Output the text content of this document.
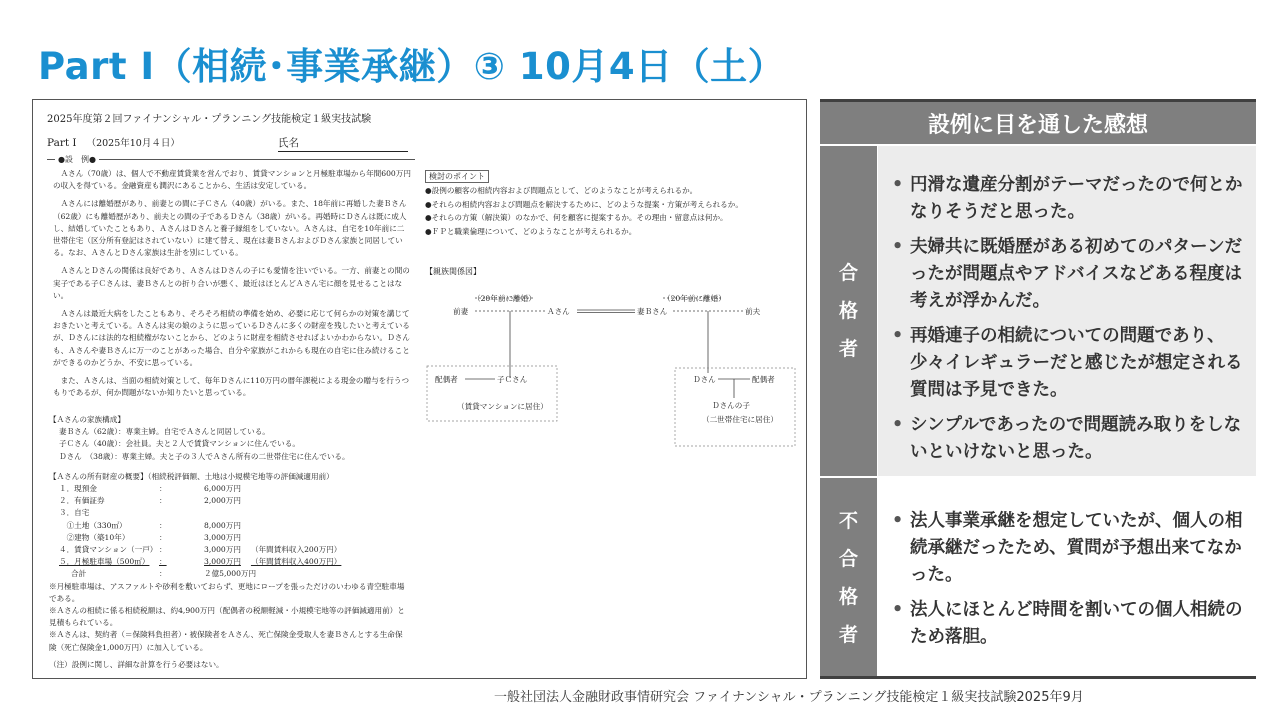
Part Ⅰ（相続･事業承継）③ 10月4日（土）
2025年度第２回ファイナンシャル・プランニング技能検定１級実技試験
Part Ⅰ （2025年10月４日）	氏名
●設　例●

Ａさん（70歳）は、個人で不動産賃貸業を営んでおり、賃貸マンションと月極駐車場から年間600万円の収入を得ている。金融資産も潤沢にあることから、生活は安定している。

Ａさんには離婚歴があり、前妻との間に子Ｃさん（40歳）がいる。また、18年前に再婚した妻Ｂさん（62歳）にも離婚歴があり、前夫との間の子であるＤさん（38歳）がいる。再婚時にＤさんは既に成人し、結婚していたこともあり、ＡさんはＤさんと養子縁組をしていない。Ａさんは、自宅を10年前に二世帯住宅（区分所有登記はされていない）に建て替え、現在は妻ＢさんおよびＤさん家族と同居している。なお、ＡさんとＤさん家族は生計を別にしている。

ＡさんとＤさんの関係は良好であり、ＡさんはＤさんの子にも愛情を注いでいる。一方、前妻との間の実子である子Ｃさんは、妻Ｂさんとの折り合いが悪く、最近はほとんどＡさん宅に顔を見せることはない。

Ａさんは最近大病をしたこともあり、そろそろ相続の準備を始め、必要に応じて何らかの対策を講じておきたいと考えている。Ａさんは実の娘のように思っているＤさんに多くの財産を残したいと考えているが、Ｄさんには法的な相続権がないことから、どのように財産を相続させればよいかわからない。Ｄさんも、Ａさんや妻Ｂさんに万一のことがあった場合、自分や家族がこれからも現在の自宅に住み続けることができるのかどうか、不安に思っている。

また、Ａさんは、当面の相続対策として、毎年Ｄさんに110万円の暦年課税による現金の贈与を行うつもりであるが、何か問題がないか知りたいと思っている。

【Ａさんの家族構成】
妻Ｂさん（62歳）：専業主婦。自宅でＡさんと同居している。
子Ｃさん（40歳）：会社員。夫と２人で賃貸マンションに住んでいる。
Ｄさん　（38歳）：専業主婦。夫と子の３人でＡさん所有の二世帯住宅に住んでいる。
【Ａさんの所有財産の概要】（相続税評価額、土地は小規模宅地等の評価減適用前）
１．現預金	：	6,000万円
２．有価証券	：	2,000万円
３．自宅
　①土地（330㎡）	：	8,000万円
　②建物（築10年）	：	3,000万円
４．賃貸マンション（一戸） ：	3,000万円	（年間賃料収入200万円）
５．月極駐車場（500㎡）	：	3,000万円	（年間賃料収入400万円）
合計	：	２億5,000万円
※月極駐車場は、アスファルトや砂利を敷いておらず、更地にロープを張っただけのいわゆる青空駐車場である。
※Ａさんの相続に係る相続税額は、約4,900万円（配偶者の税額軽減・小規模宅地等の評価減適用前）と見積もられている。
※Ａさんは、契約者（＝保険料負担者）・被保険者をＡさん、死亡保険金受取人を妻Ｂさんとする生命保険（死亡保険金1,000万円）に加入している。
（注）設例に関し、詳細な計算を行う必要はない。
検討のポイント
●設例の顧客の相続内容および問題点として、どのようなことが考えられるか。
●それらの相続内容および問題点を解決するために、どのような提案・方策が考えられるか。
●それらの方策（解決策）のなかで、何を顧客に提案するか。その理由・留意点は何か。
●ＦＰと職業倫理について、どのようなことが考えられるか。
【親族関係図】
（20年前に離婚）	（20年前に離婚）
前妻	Ａさん	妻Ｂさん	前夫
配偶者	子Ｃさん
（賃貸マンションに居住）
Ｄさん	配偶者
Ｄさんの子
（二世帯住宅に居住）
設例に目を通した感想
合
格
者
• 円滑な遺産分割がテーマだったので何とかなりそうだと思った。
• 夫婦共に既婚歴がある初めてのパターンだったが問題点やアドバイスなどある程度は考えが浮かんだ。
• 再婚連子の相続についての問題であり、少々イレギュラーだと感じたが想定される質問は予見できた。
• シンプルであったので問題読み取りをしないといけないと思った。
不
合
格
者
• 法人事業承継を想定していたが、個人の相続承継だったため、質問が予想出来てなかった。
• 法人にほとんど時間を割いての個人相続のため落胆。
一般社団法人金融財政事情研究会 ファイナンシャル・プランニング技能検定１級実技試験2025年9月
